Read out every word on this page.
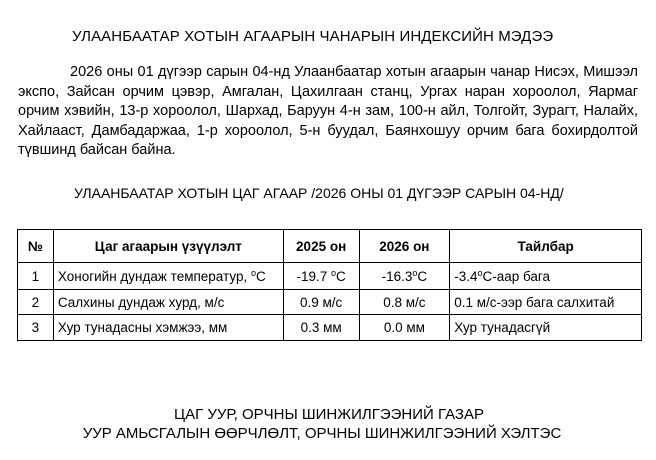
УЛААНБААТАР ХОТЫН АГААРЫН ЧАНАРЫН ИНДЕКСИЙН МЭДЭЭ

2026 оны 01 дүгээр сарын 04-нд Улаанбаатар хотын агаарын чанар Нисэх, Мишээл экспо, Зайсан орчим цэвэр, Амгалан, Цахилгаан станц, Ургах наран хороолол, Яармаг орчим хэвийн, 13-р хороолол, Шархад, Баруун 4-н зам, 100-н айл, Толгойт, Зурагт, Налайх, Хайлааст, Дамбадаржаа, 1-р хороолол, 5-н буудал, Баянхошуу орчим бага бохирдолтой түвшинд байсан байна.

УЛААНБААТАР ХОТЫН ЦАГ АГААР /2026 ОНЫ 01 ДҮГЭЭР САРЫН 04-НД/
№	Цаг агаарын үзүүлэлт	2025 он	2026 он	Тайлбар
1	Хоногийн дундаж температур, $^o$C	-19.7 $^o$C	-16.3$^o$C	-3.4$^o$С-аар бага
2	Салхины дундаж хурд, м/с	0.9 м/с	0.8 м/с	0.1 м/с-ээр бага салхитай
3	Хур тунадасны хэмжээ, мм	0.3 мм	0.0 мм	Хур тунадасгүй
ЦАГ УУР, ОРЧНЫ ШИНЖИЛГЭЭНИЙ ГАЗАР
УУР АМЬСГАЛЫН ӨӨРЧЛӨЛТ, ОРЧНЫ ШИНЖИЛГЭЭНИЙ ХЭЛТЭС
